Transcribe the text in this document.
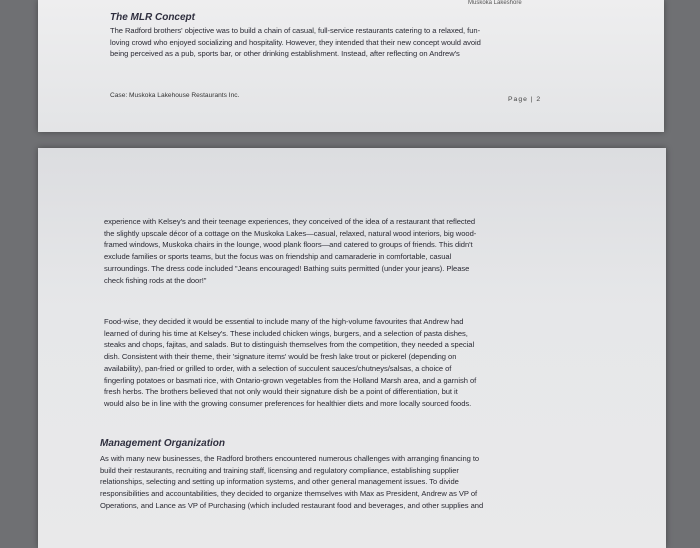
Muskoka Lakeshore
The MLR Concept
The Radford brothers' objective was to build a chain of casual, full-service restaurants catering to a relaxed, fun-
loving crowd who enjoyed socializing and hospitality. However, they intended that their new concept would avoid
being perceived as a pub, sports bar, or other drinking establishment. Instead, after reflecting on Andrew's
Case: Muskoka Lakehouse Restaurants Inc.
Page | 2
experience with Kelsey's and their teenage experiences, they conceived of the idea of a restaurant that reflected
the slightly upscale décor of a cottage on the Muskoka Lakes—casual, relaxed, natural wood interiors, big wood-
framed windows, Muskoka chairs in the lounge, wood plank floors—and catered to groups of friends. This didn't
exclude families or sports teams, but the focus was on friendship and camaraderie in comfortable, casual
surroundings. The dress code included "Jeans encouraged! Bathing suits permitted (under your jeans). Please
check fishing rods at the door!"
Food-wise, they decided it would be essential to include many of the high-volume favourites that Andrew had
learned of during his time at Kelsey's. These included chicken wings, burgers, and a selection of pasta dishes,
steaks and chops, fajitas, and salads. But to distinguish themselves from the competition, they needed a special
dish. Consistent with their theme, their 'signature items' would be fresh lake trout or pickerel (depending on
availability), pan-fried or grilled to order, with a selection of succulent sauces/chutneys/salsas, a choice of
fingerling potatoes or basmati rice, with Ontario-grown vegetables from the Holland Marsh area, and a garnish of
fresh herbs. The brothers believed that not only would their signature dish be a point of differentiation, but it
would also be in line with the growing consumer preferences for healthier diets and more locally sourced foods.
Management Organization
As with many new businesses, the Radford brothers encountered numerous challenges with arranging financing to
build their restaurants, recruiting and training staff, licensing and regulatory compliance, establishing supplier
relationships, selecting and setting up information systems, and other general management issues. To divide
responsibilities and accountabilities, they decided to organize themselves with Max as President, Andrew as VP of
Operations, and Lance as VP of Purchasing (which included restaurant food and beverages, and other supplies and
